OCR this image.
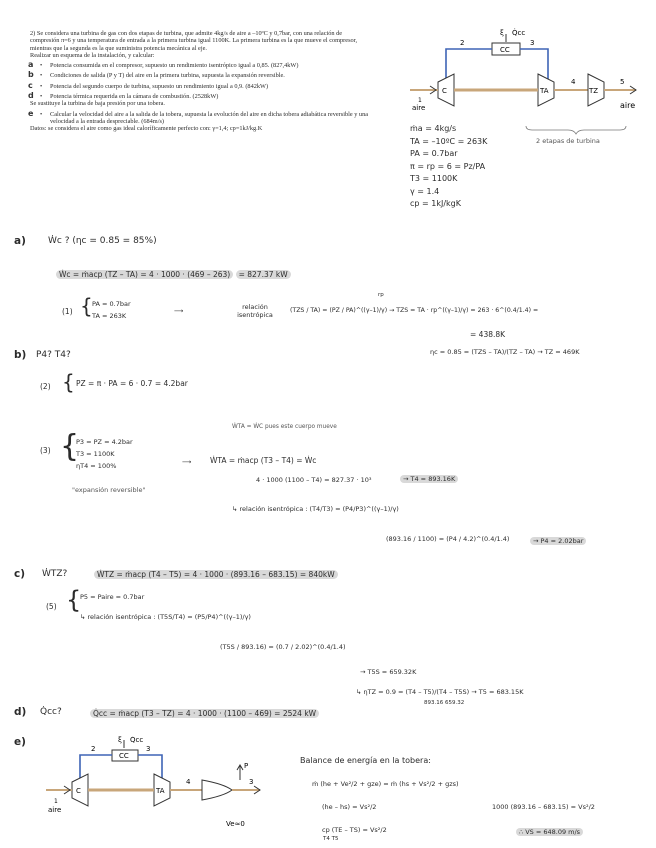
2) Se considera una turbina de gas con dos etapas de turbina, que admite 4kg/s de aire a –10ºC y 0,7bar, con una relación de compresión π=6 y una temperatura de entrada a la primera turbina igual 1100K. La primera turbina es la que mueve el compresor, mientras que la segunda es la que suministra potencia mecánica al eje.

Realizar un esquema de la instalación, y calcular:

a • Potencia consumida en el compresor, supuesto un rendimiento isentrópico igual a 0,85. (827,4kW)

b • Condiciones de salida (P y T) del aire en la primera turbina, supuesta la expansión reversible.

c • Potencia del segundo cuerpo de turbina, supuesto un rendimiento igual a 0,9. (842kW)

d • Potencia térmica requerida en la cámara de combustión. (2528kW)

Se sustituye la turbina de baja presión por una tobera.

e • Calcular la velocidad del aire a la salida de la tobera, supuesta la evolución del aire en dicha tobera adiabática reversible y una velocidad a la entrada despreciable. (684m/s)

Datos: se considera el aire como gas ideal caloríficamente perfecto con: γ=1,4; cp=1kJ/kg.K

ξ Q̇cc
CC
2	3
C	TA
4
TZ
5
aire
1
aire
2 etapas de turbina
ṁa = 4kg/s
TA = –10ºC = 263K
PA = 0.7bar
π = rp = 6 = Pz/PA
T3 = 1100K
γ = 1.4
cp = 1kJ/kgK
a) Ẇc ? (ηc = 0.85 = 85%)
Ẇc = ṁacp (TZ – TA) = 4 · 1000 · (469 – 263) = 827.37 kW
(1) { PA = 0.7bar
TA = 263K
⟶	relación isentrópica
rp
(TZS / TA) = (PZ / PA)^((γ–1)/γ) → TZS = TA · rp^((γ–1)/γ) = 263 · 6^(0.4/1.4) =
= 438.8K
ηc = 0.85 = (TZS – TA)/(TZ – TA) → TZ = 469K
b) P4? T4?
(2) { PZ = π · PA = 6 · 0.7 = 4.2bar
(3) {
P3 = PZ = 4.2bar
T3 = 1100K
ηT4 = 100%
"expansión reversible"
⟶
ẆTA = ẆC pues este cuerpo mueve
ẆTA = ṁacp (T3 – T4) = Ẇc
4 · 1000 (1100 – T4) = 827.37 · 10³	→ T4 = 893.16K
↳ relación isentrópica : (T4/T3) = (P4/P3)^((γ–1)/γ)
(893.16 / 1100) = (P4 / 4.2)^(0.4/1.4)	→ P4 = 2.02bar
c) ẆTZ?	ẆTZ = ṁacp (T4 – T5) = 4 · 1000 · (893.16 – 683.15) = 840kW
(5) {
P5 = Paire = 0.7bar
↳ relación isentrópica : (T5S/T4) = (P5/P4)^((γ–1)/γ)
(T5S / 893.16) = (0.7 / 2.02)^(0.4/1.4)
→ T5S = 659.32K
↳ ηTZ = 0.9 = (T4 – T5)/(T4 – T5S) → T5 = 683.15K
893.16 659.32
d) Q̇cc?	Q̇cc = ṁacp (T3 – TZ) = 4 · 1000 · (1100 – 469) = 2524 kW
e)	ξ Q̇cc
CC
2	3
C	TA
4	3
P
1
aire
Ve≈0
Balance de energía en la tobera:
ṁ (he + Ve²/2 + gze) = ṁ (hs + Vs²/2 + gzs)
(he – hs) = Vs²/2
cp (TE – TS) = Vs²/2
T4 T5
1000 (893.16 – 683.15) = Vs²/2
∴ VS = 648.09 m/s
